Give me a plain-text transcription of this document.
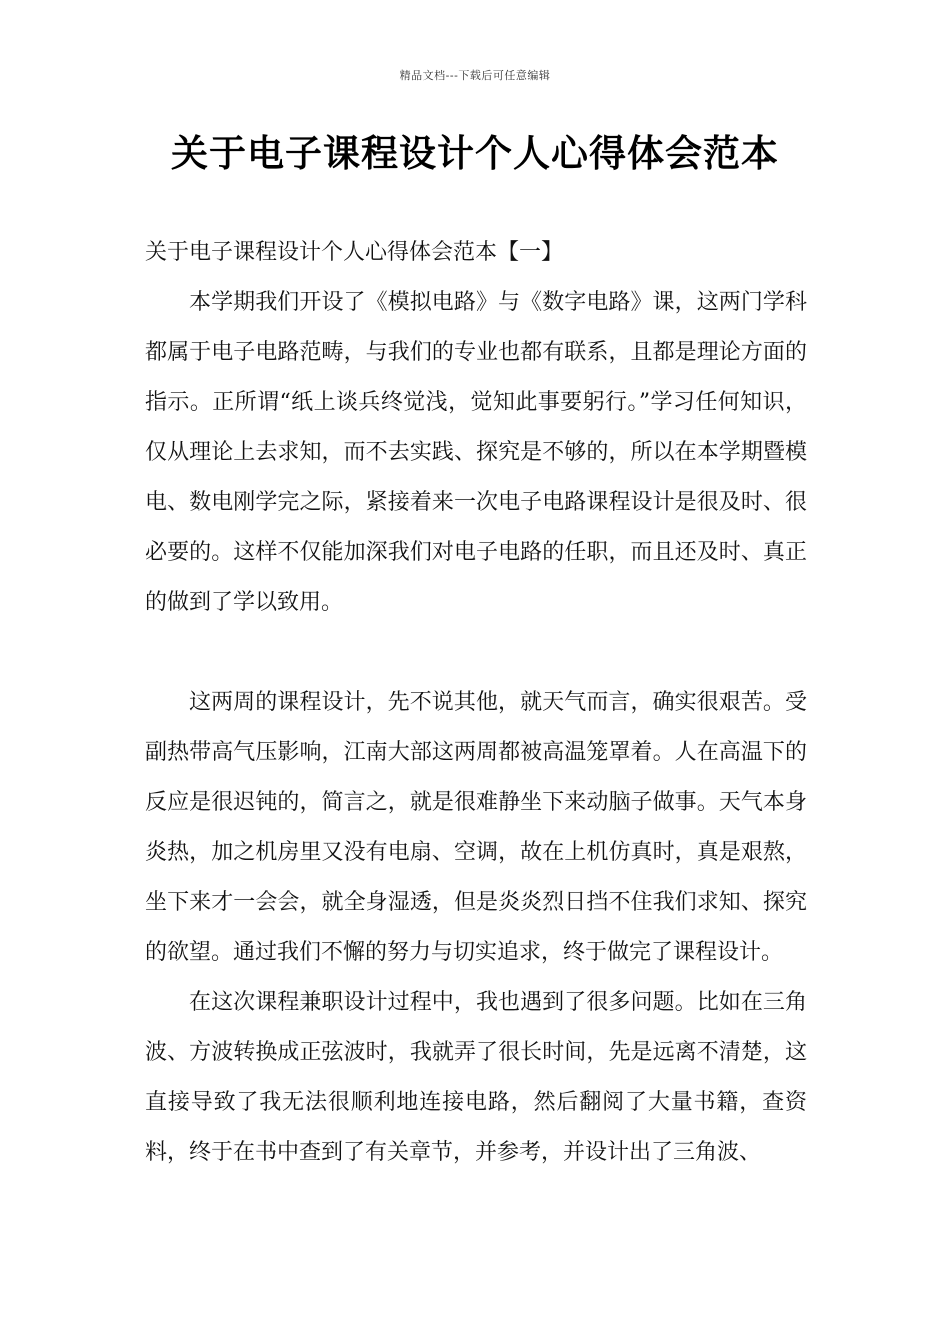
精品文档---下载后可任意编辑
关于电子课程设计个人心得体会范本

关于电子课程设计个人心得体会范本【一】

本学期我们开设了《模拟电路》与《数字电路》课，这两门学科都属于电子电路范畴，与我们的专业也都有联系，且都是理论方面的指示。正所谓“纸上谈兵终觉浅，觉知此事要躬行。”学习任何知识，仅从理论上去求知，而不去实践、探究是不够的，所以在本学期暨模电、数电刚学完之际，紧接着来一次电子电路课程设计是很及时、很必要的。这样不仅能加深我们对电子电路的任职，而且还及时、真正的做到了学以致用。

这两周的课程设计，先不说其他，就天气而言，确实很艰苦。受副热带高气压影响，江南大部这两周都被高温笼罩着。人在高温下的反应是很迟钝的，简言之，就是很难静坐下来动脑子做事。天气本身炎热，加之机房里又没有电扇、空调，故在上机仿真时，真是艰熬，坐下来才一会会，就全身湿透，但是炎炎烈日挡不住我们求知、探究的欲望。通过我们不懈的努力与切实追求，终于做完了课程设计。

在这次课程兼职设计过程中，我也遇到了很多问题。比如在三角波、方波转换成正弦波时，我就弄了很长时间，先是远离不清楚，这直接导致了我无法很顺利地连接电路，然后翻阅了大量书籍，查资料，终于在书中查到了有关章节，并参考，并设计出了三角波、
